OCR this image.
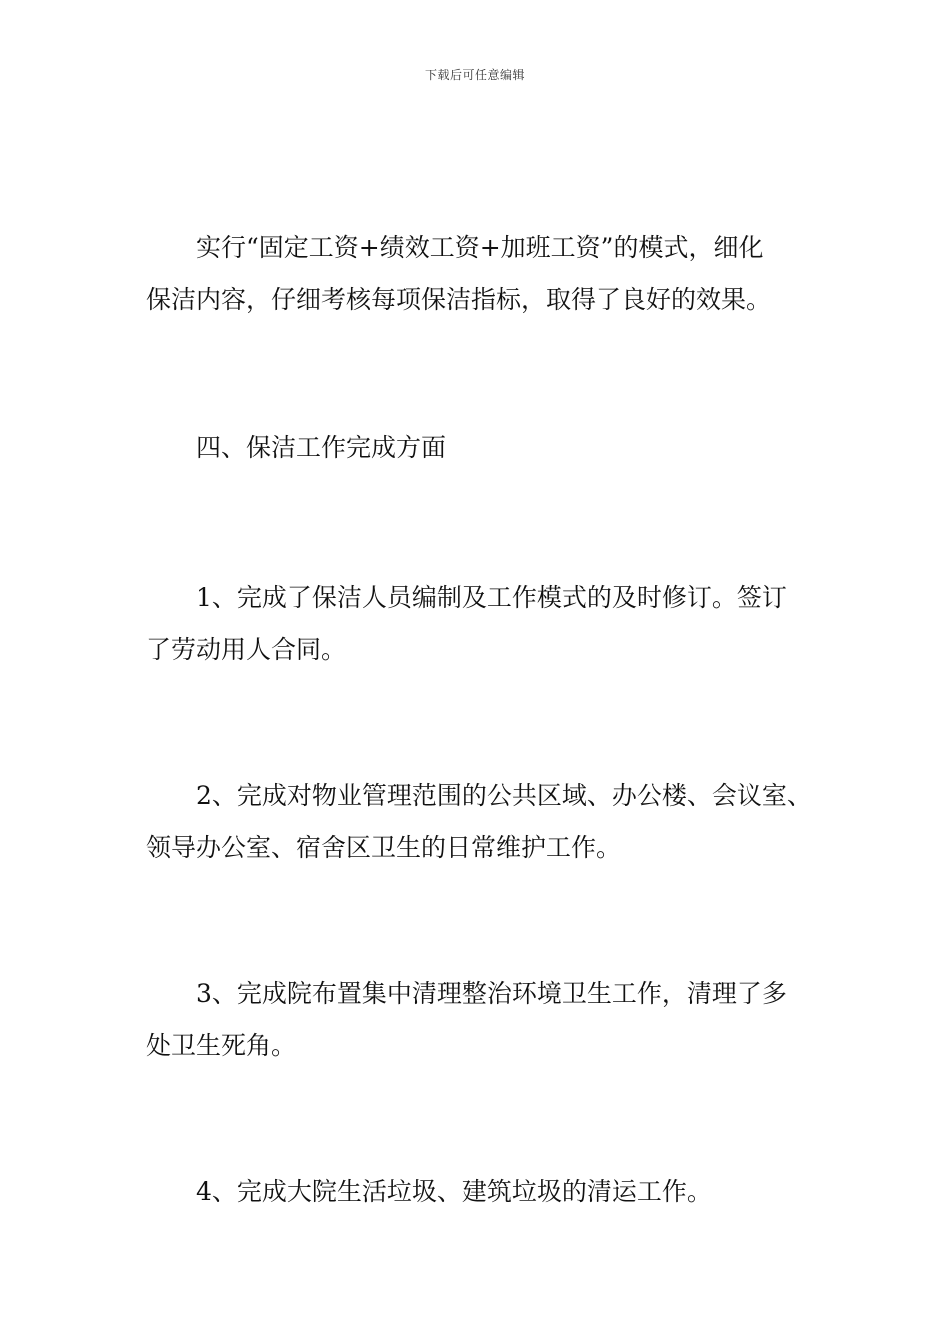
下载后可任意编辑

实行“固定工资+绩效工资+加班工资”的模式，细化
保洁内容，仔细考核每项保洁指标，取得了良好的效果。

四、保洁工作完成方面

1、完成了保洁人员编制及工作模式的及时修订。签订
了劳动用人合同。

2、完成对物业管理范围的公共区域、办公楼、会议室、
领导办公室、宿舍区卫生的日常维护工作。

3、完成院布置集中清理整治环境卫生工作，清理了多
处卫生死角。

4、完成大院生活垃圾、建筑垃圾的清运工作。
